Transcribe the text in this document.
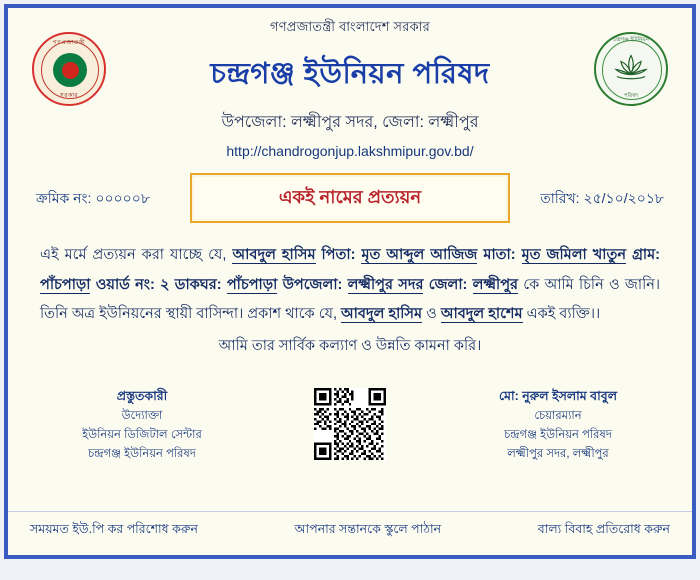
গণপ্রজাতন্ত্রী বাংলাদেশ সরকার
চন্দ্রগঞ্জ ইউনিয়ন পরিষদ
উপজেলা: লক্ষ্মীপুর সদর, জেলা: লক্ষ্মীপুর
http://chandrogonjup.lakshmipur.gov.bd/
গণপ্রজাতন্ত্রী
সরকার
চন্দ্রগঞ্জ ইউনিয়ন
পরিষদ
ক্রমিক নং: ০০০০০৮	একই নামের প্রত্যয়ন	তারিখ: ২৫/১০/২০১৮
এই মর্মে প্রত্যয়ন করা যাচ্ছে যে, আবদুল হাসিম পিতা: মৃত আব্দুল আজিজ মাতা: মৃত জমিলা খাতুন গ্রাম: পাঁচপাড়া ওয়ার্ড নং: ২ ডাকঘর: পাঁচপাড়া উপজেলা: লক্ষ্মীপুর সদর জেলা: লক্ষ্মীপুর কে আমি চিনি ও জানি। তিনি অত্র ইউনিয়নের স্থায়ী বাসিন্দা। প্রকাশ থাকে যে, আবদুল হাসিম ও আবদুল হাশেম একই ব্যক্তি।।
আমি তার সার্বিক কল্যাণ ও উন্নতি কামনা করি।
প্রস্তুতকারী
উদ্যোক্তা
ইউনিয়ন ডিজিটাল সেন্টার
চন্দ্রগঞ্জ ইউনিয়ন পরিষদ
মো: নুরুল ইসলাম বাবুল
চেয়ারম্যান
চন্দ্রগঞ্জ ইউনিয়ন পরিষদ
লক্ষ্মীপুর সদর, লক্ষ্মীপুর
সময়মত ইউ.পি কর পরিশোধ করুন	আপনার সন্তানকে স্কুলে পাঠান	বাল্য বিবাহ প্রতিরোধ করুন
